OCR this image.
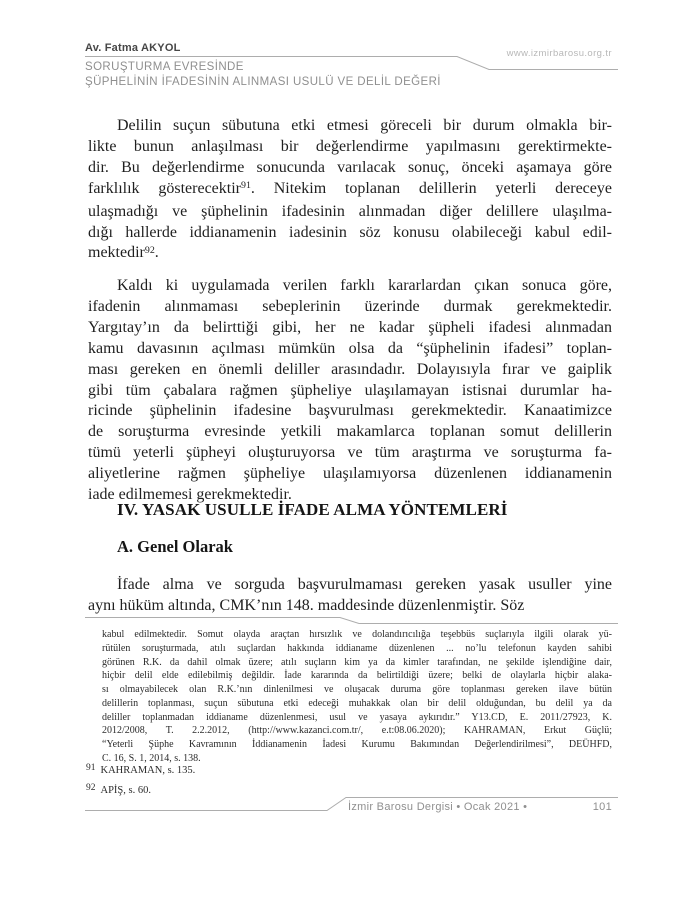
Av. Fatma AKYOL	www.izmirbarosu.org.tr
SORUŞTURMA EVRESİNDE
ŞÜPHELİNİN İFADESİNİN ALINMASI USULÜ VE DELİL DEĞERİ
Delilin suçun sübutuna etki etmesi göreceli bir durum olmakla bir-
likte bunun anlaşılması bir değerlendirme yapılmasını gerektirmekte-
dir. Bu değerlendirme sonucunda varılacak sonuç, önceki aşamaya göre
farklılık gösterecektir$^{91}$. Nitekim toplanan delillerin yeterli dereceye
ulaşmadığı ve şüphelinin ifadesinin alınmadan diğer delillere ulaşılma-
dığı hallerde iddianamenin iadesinin söz konusu olabileceği kabul edil-
mektedir$^{92}$.
Kaldı ki uygulamada verilen farklı kararlardan çıkan sonuca göre,
ifadenin alınmaması sebeplerinin üzerinde durmak gerekmektedir.
Yargıtay’ın da belirttiği gibi, her ne kadar şüpheli ifadesi alınmadan
kamu davasının açılması mümkün olsa da “şüphelinin ifadesi” toplan-
ması gereken en önemli deliller arasındadır. Dolayısıyla fırar ve gaiplik
gibi tüm çabalara rağmen şüpheliye ulaşılamayan istisnai durumlar ha-
ricinde şüphelinin ifadesine başvurulması gerekmektedir. Kanaatimizce
de soruşturma evresinde yetkili makamlarca toplanan somut delillerin
tümü yeterli şüpheyi oluşturuyorsa ve tüm araştırma ve soruşturma fa-
aliyetlerine rağmen şüpheliye ulaşılamıyorsa düzenlenen iddianamenin
iade edilmemesi gerekmektedir.
IV. YASAK USULLE İFADE ALMA YÖNTEMLERİ
A. Genel Olarak
İfade alma ve sorguda başvurulmaması gereken yasak usuller yine
aynı hüküm altında, CMK’nın 148. maddesinde düzenlenmiştir. Söz
kabul edilmektedir. Somut olayda araçtan hırsızlık ve dolandırıcılığa teşebbüs suçlarıyla ilgili olarak yü-
rütülen soruşturmada, atılı suçlardan hakkında iddianame düzenlenen ... no’lu telefonun kayden sahibi
görünen R.K. da dahil olmak üzere; atılı suçların kim ya da kimler tarafından, ne şekilde işlendiğine dair,
hiçbir delil elde edilebilmiş değildir. İade kararında da belirtildiği üzere; belki de olaylarla hiçbir alaka-
sı olmayabilecek olan R.K.’nın dinlenilmesi ve oluşacak duruma göre toplanması gereken ilave bütün
delillerin toplanması, suçun sübutuna etki edeceği muhakkak olan bir delil olduğundan, bu delil ya da
deliller toplanmadan iddianame düzenlenmesi, usul ve yasaya aykırıdır.” Y13.CD, E. 2011/27923, K.
2012/2008, T. 2.2.2012, (http://www.kazanci.com.tr/, e.t:08.06.2020); KAHRAMAN, Erkut Güçlü;
“Yeterli Şüphe Kavramının İddianamenin İadesi Kurumu Bakımından Değerlendirilmesi”, DEÜHFD,
C. 16, S. 1, 2014, s. 138.
91 KAHRAMAN, s. 135.
92 APİŞ, s. 60.
İzmir Barosu Dergisi • Ocak 2021 •	101
